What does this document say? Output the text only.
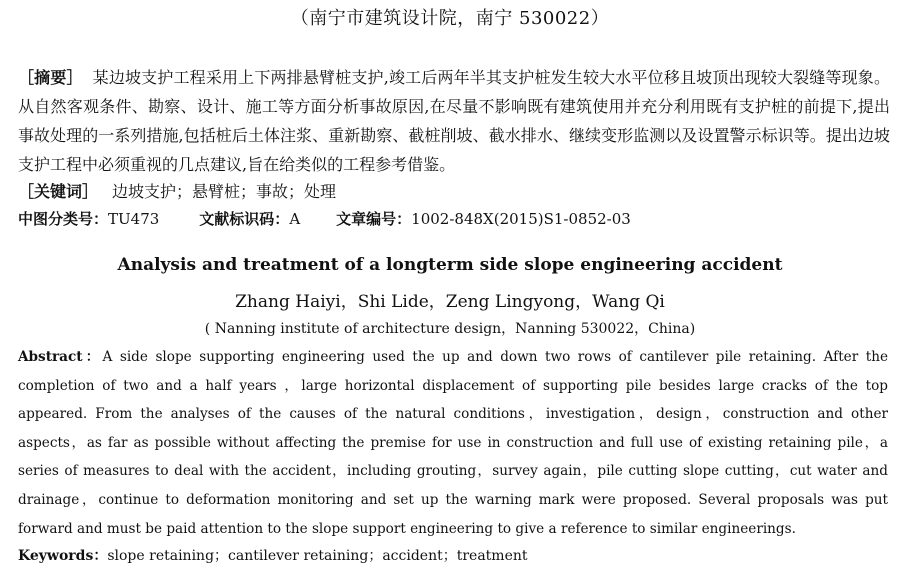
（南宁市建筑设计院，南宁 530022）
［摘要］ 某边坡支护工程采用上下两排悬臂桩支护,竣工后两年半其支护桩发生较大水平位移且坡顶出现较大裂缝等现象。从自然客观条件、勘察、设计、施工等方面分析事故原因,在尽量不影响既有建筑使用并充分利用既有支护桩的前提下,提出事故处理的一系列措施,包括桩后土体注浆、重新勘察、截桩削坡、截水排水、继续变形监测以及设置警示标识等。提出边坡支护工程中必须重视的几点建议,旨在给类似的工程参考借鉴。
［关键词］ 边坡支护；悬臂桩；事故；处理
中图分类号：TU473	文献标识码：A 文章编号：1002-848X(2015)S1-0852-03
Analysis and treatment of a longterm side slope engineering accident
Zhang Haiyi，Shi Lide，Zeng Lingyong，Wang Qi
( Nanning institute of architecture design，Nanning 530022，China)
Abstract：A side slope supporting engineering used the up and down two rows of cantilever pile retaining. After the completion of two and a half years ，large horizontal displacement of supporting pile besides large cracks of the top appeared. From the analyses of the causes of the natural conditions，investigation，design，construction and other aspects，as far as possible without affecting the premise for use in construction and full use of existing retaining pile，a series of measures to deal with the accident，including grouting，survey again，pile cutting slope cutting，cut water and drainage，continue to deformation monitoring and set up the warning mark were proposed. Several proposals was put forward and must be paid attention to the slope support engineering to give a reference to similar engineerings.
Keywords：slope retaining；cantilever retaining；accident；treatment
